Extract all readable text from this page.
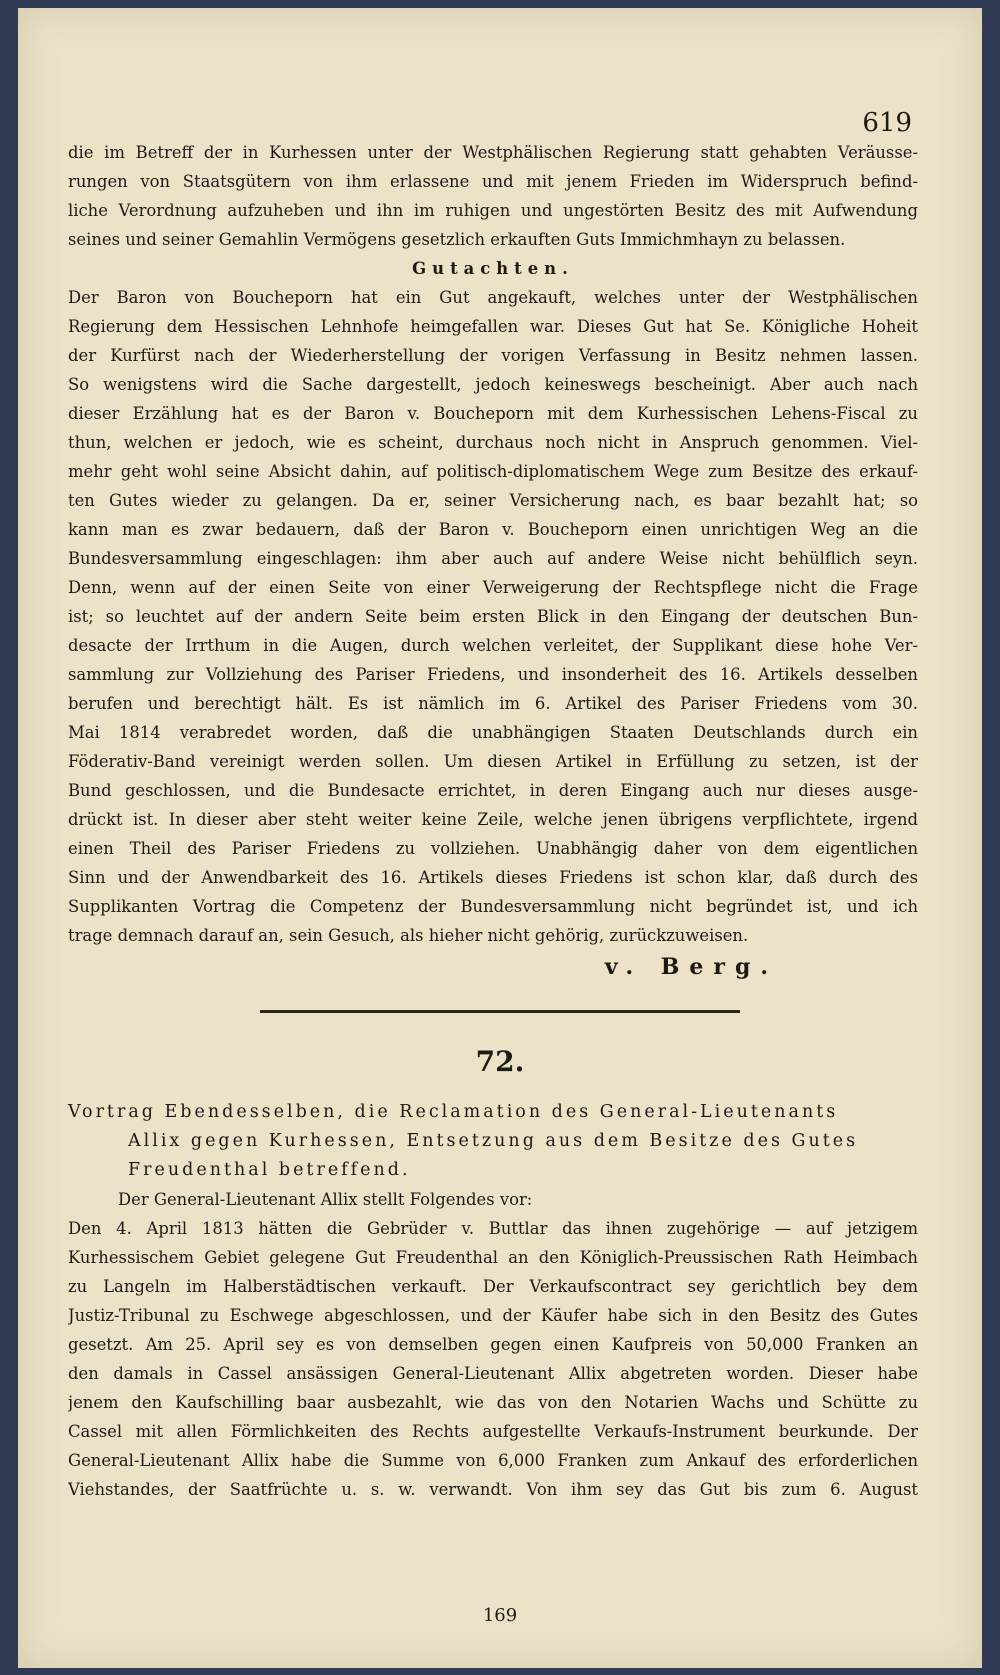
619
die im Betreff der in Kurhessen unter der Westphälischen Regierung statt gehabten Veräusse-
rungen von Staatsgütern von ihm erlassene und mit jenem Frieden im Widerspruch befind-
liche Verordnung aufzuheben und ihn im ruhigen und ungestörten Besitz des mit Aufwendung
seines und seiner Gemahlin Vermögens gesetzlich erkauften Guts Immichmhayn zu belassen.
Gutachten.
Der Baron von Boucheporn hat ein Gut angekauft, welches unter der Westphälischen
Regierung dem Hessischen Lehnhofe heimgefallen war. Dieses Gut hat Se. Königliche Hoheit
der Kurfürst nach der Wiederherstellung der vorigen Verfassung in Besitz nehmen lassen.
So wenigstens wird die Sache dargestellt, jedoch keineswegs bescheinigt. Aber auch nach
dieser Erzählung hat es der Baron v. Boucheporn mit dem Kurhessischen Lehens-Fiscal zu
thun, welchen er jedoch, wie es scheint, durchaus noch nicht in Anspruch genommen. Viel-
mehr geht wohl seine Absicht dahin, auf politisch-diplomatischem Wege zum Besitze des erkauf-
ten Gutes wieder zu gelangen. Da er, seiner Versicherung nach, es baar bezahlt hat; so
kann man es zwar bedauern, daß der Baron v. Boucheporn einen unrichtigen Weg an die
Bundesversammlung eingeschlagen: ihm aber auch auf andere Weise nicht behülflich seyn.
Denn, wenn auf der einen Seite von einer Verweigerung der Rechtspflege nicht die Frage
ist; so leuchtet auf der andern Seite beim ersten Blick in den Eingang der deutschen Bun-
desacte der Irrthum in die Augen, durch welchen verleitet, der Supplikant diese hohe Ver-
sammlung zur Vollziehung des Pariser Friedens, und insonderheit des 16. Artikels desselben
berufen und berechtigt hält. Es ist nämlich im 6. Artikel des Pariser Friedens vom 30.
Mai 1814 verabredet worden, daß die unabhängigen Staaten Deutschlands durch ein
Föderativ-Band vereinigt werden sollen. Um diesen Artikel in Erfüllung zu setzen, ist der
Bund geschlossen, und die Bundesacte errichtet, in deren Eingang auch nur dieses ausge-
drückt ist. In dieser aber steht weiter keine Zeile, welche jenen übrigens verpflichtete, irgend
einen Theil des Pariser Friedens zu vollziehen. Unabhängig daher von dem eigentlichen
Sinn und der Anwendbarkeit des 16. Artikels dieses Friedens ist schon klar, daß durch des
Supplikanten Vortrag die Competenz der Bundesversammlung nicht begründet ist, und ich
trage demnach darauf an, sein Gesuch, als hieher nicht gehörig, zurückzuweisen.
v. Berg.
72.
Vortrag Ebendesselben, die Reclamation des General-Lieutenants
Allix gegen Kurhessen, Entsetzung aus dem Besitze des Gutes
Freudenthal betreffend.
Der General-Lieutenant Allix stellt Folgendes vor:
Den 4. April 1813 hätten die Gebrüder v. Buttlar das ihnen zugehörige — auf jetzigem
Kurhessischem Gebiet gelegene Gut Freudenthal an den Königlich-Preussischen Rath Heimbach
zu Langeln im Halberstädtischen verkauft. Der Verkaufscontract sey gerichtlich bey dem
Justiz-Tribunal zu Eschwege abgeschlossen, und der Käufer habe sich in den Besitz des Gutes
gesetzt. Am 25. April sey es von demselben gegen einen Kaufpreis von 50,000 Franken an
den damals in Cassel ansässigen General-Lieutenant Allix abgetreten worden. Dieser habe
jenem den Kaufschilling baar ausbezahlt, wie das von den Notarien Wachs und Schütte zu
Cassel mit allen Förmlichkeiten des Rechts aufgestellte Verkaufs-Instrument beurkunde. Der
General-Lieutenant Allix habe die Summe von 6,000 Franken zum Ankauf des erforderlichen
Viehstandes, der Saatfrüchte u. s. w. verwandt. Von ihm sey das Gut bis zum 6. August
169
